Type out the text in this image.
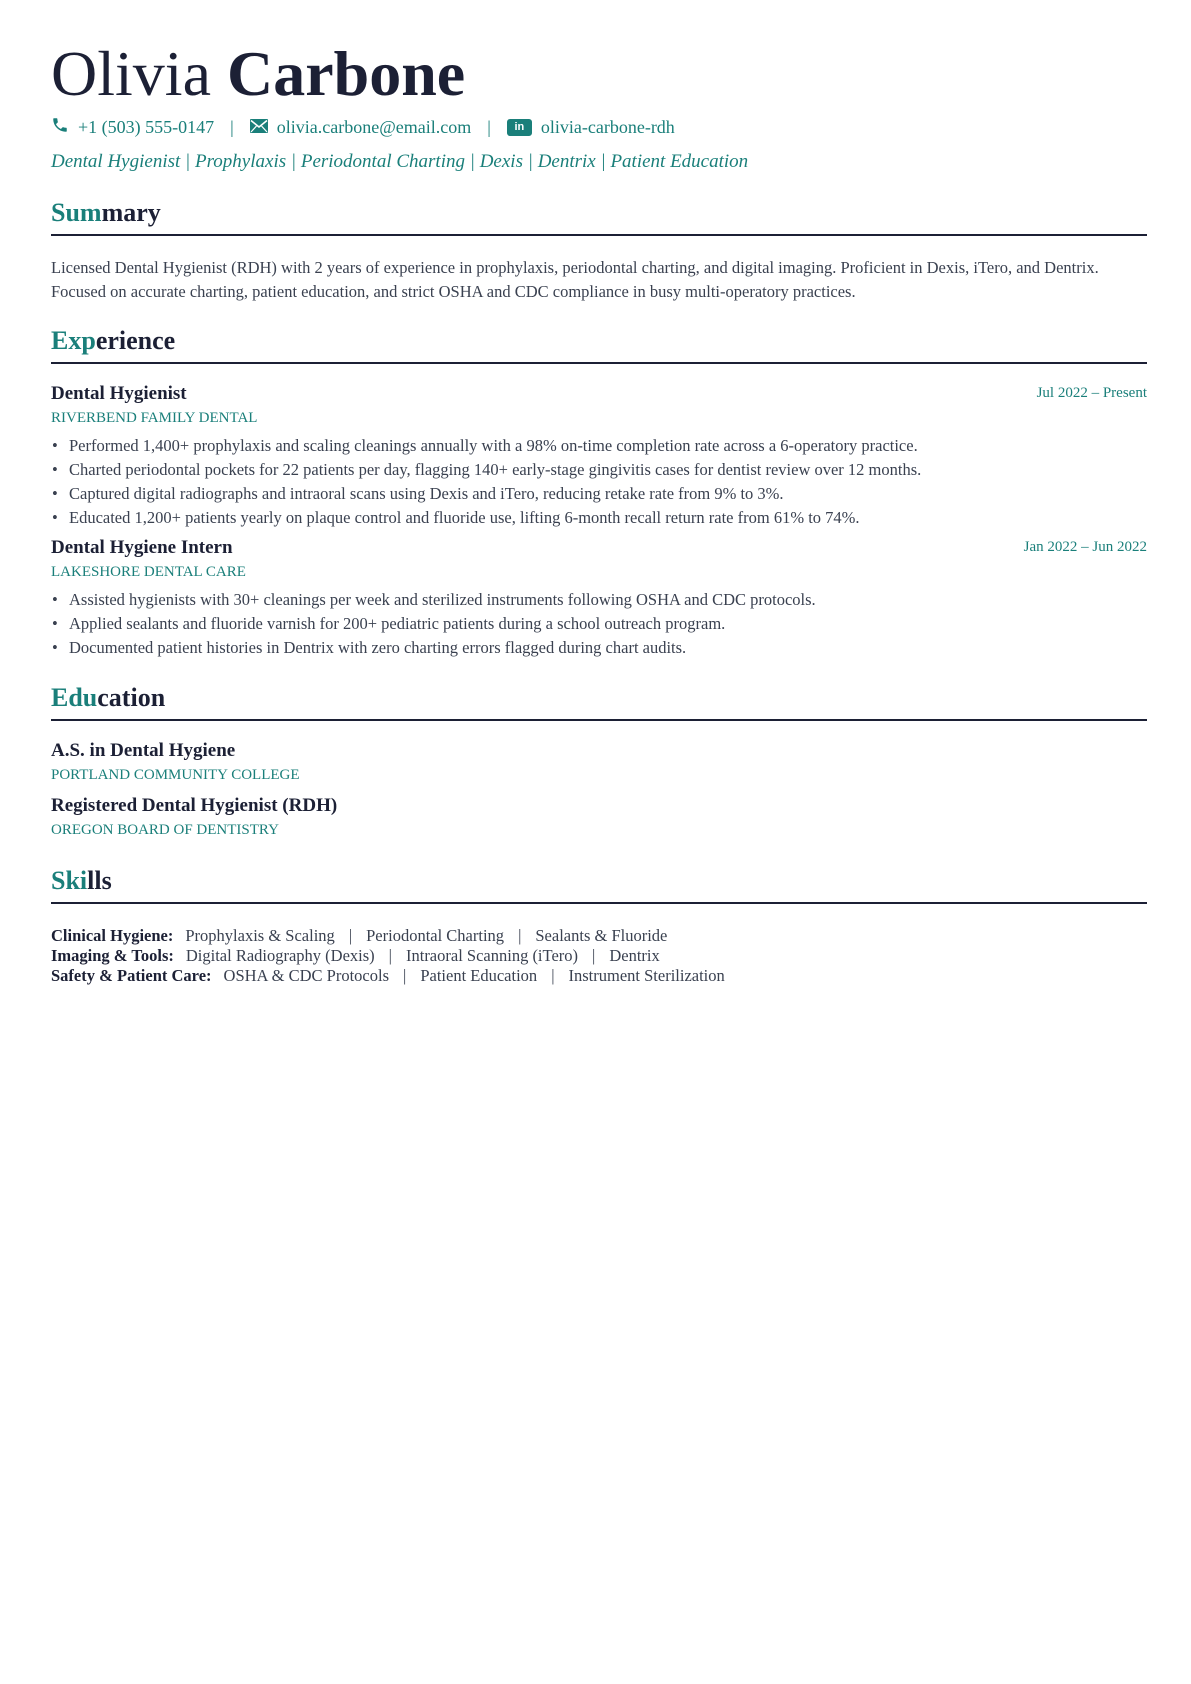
Olivia Carbone
+1 (503) 555-0147 | olivia.carbone@email.com |	in olivia-carbone-rdh
Dental Hygienist | Prophylaxis | Periodontal Charting | Dexis | Dentrix | Patient Education
Summary
Licensed Dental Hygienist (RDH) with 2 years of experience in prophylaxis, periodontal charting, and digital imaging. Proficient in Dexis, iTero, and Dentrix. Focused on accurate charting, patient education, and strict OSHA and CDC compliance in busy multi-operatory practices.
Experience
Dental Hygienist	Jul 2022 – Present
RIVERBEND FAMILY DENTAL
• Performed 1,400+ prophylaxis and scaling cleanings annually with a 98% on-time completion rate across a 6-operatory practice.
• Charted periodontal pockets for 22 patients per day, flagging 140+ early-stage gingivitis cases for dentist review over 12 months.
• Captured digital radiographs and intraoral scans using Dexis and iTero, reducing retake rate from 9% to 3%.
• Educated 1,200+ patients yearly on plaque control and fluoride use, lifting 6-month recall return rate from 61% to 74%.
Dental Hygiene Intern	Jan 2022 – Jun 2022
LAKESHORE DENTAL CARE
• Assisted hygienists with 30+ cleanings per week and sterilized instruments following OSHA and CDC protocols.
• Applied sealants and fluoride varnish for 200+ pediatric patients during a school outreach program.
• Documented patient histories in Dentrix with zero charting errors flagged during chart audits.
Education
A.S. in Dental Hygiene
PORTLAND COMMUNITY COLLEGE
Registered Dental Hygienist (RDH)
OREGON BOARD OF DENTISTRY
Skills
Clinical Hygiene: Prophylaxis & Scaling | Periodontal Charting | Sealants & Fluoride
Imaging & Tools: Digital Radiography (Dexis) | Intraoral Scanning (iTero) | Dentrix
Safety & Patient Care: OSHA & CDC Protocols | Patient Education | Instrument Sterilization
